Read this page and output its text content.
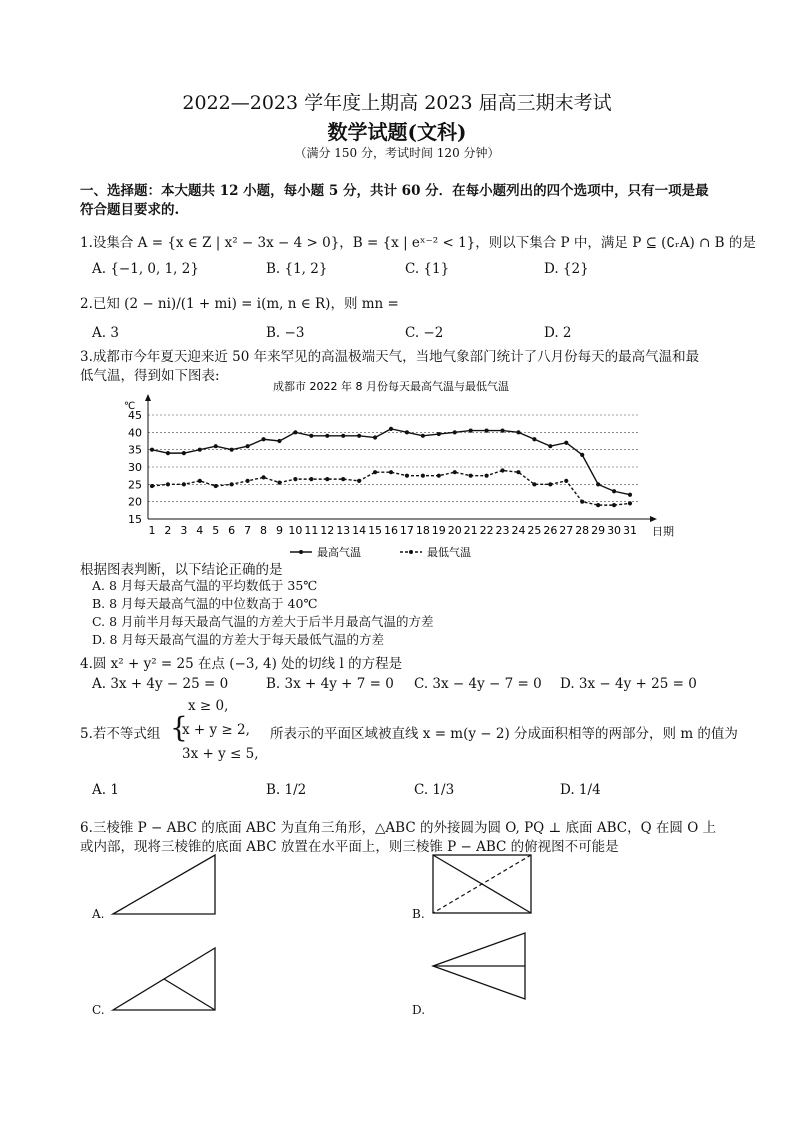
2022—2023 学年度上期高 2023 届高三期末考试
数学试题(文科)
（满分 150 分，考试时间 120 分钟）
一、选择题：本大题共 12 小题，每小题 5 分，共计 60 分．在每小题列出的四个选项中，只有一项是最
符合题目要求的.
1.设集合 A = {x ∈ Z | x² − 3x − 4 > 0}，B = {x | eˣ⁻² < 1}，则以下集合 P 中，满足 P ⊆ (∁ᵣA) ∩ B 的是
A. {−1, 0, 1, 2}	B. {1, 2}	C. {1}	D. {2}
2.已知 (2 − ni)/(1 + mi) = i(m, n ∈ R)，则 mn =
A. 3	B. −3	C. −2	D. 2
3.成都市今年夏天迎来近 50 年来罕见的高温极端天气，当地气象部门统计了八月份每天的最高气温和最
低气温，得到如下图表:
成都市 2022 年 8 月份每天最高气温与最低气温
℃
15
20
25
30
35
40
45
1 2 3 4 5 6 7 8 9 10 11 12 13 14 15 16 17 18 19 20 21 22 23 24 25 26 27 28 29 30 31 日期
最高气温	最低气温
根据图表判断，以下结论正确的是
A. 8 月每天最高气温的平均数低于 35℃
B. 8 月每天最高气温的中位数高于 40℃
C. 8 月前半月每天最高气温的方差大于后半月最高气温的方差
D. 8 月每天最高气温的方差大于每天最低气温的方差
4.圆 x² + y² = 25 在点 (−3, 4) 处的切线 l 的方程是
A. 3x + 4y − 25 = 0	B. 3x + 4y + 7 = 0 C. 3x − 4y − 7 = 0 D. 3x − 4y + 25 = 0
5.若不等式组 {
x ≥ 0,
x + y ≥ 2,
3x + y ≤ 5,
所表示的平面区域被直线 x = m(y − 2) 分成面积相等的两部分，则 m 的值为
A. 1	B. 1/2	C. 1/3	D. 1/4
6.三棱锥 P − ABC 的底面 ABC 为直角三角形，△ABC 的外接圆为圆 O, PQ ⊥ 底面 ABC，Q 在圆 O 上
或内部，现将三棱锥的底面 ABC 放置在水平面上，则三棱锥 P − ABC 的俯视图不可能是
A.	B.
C.	D.
